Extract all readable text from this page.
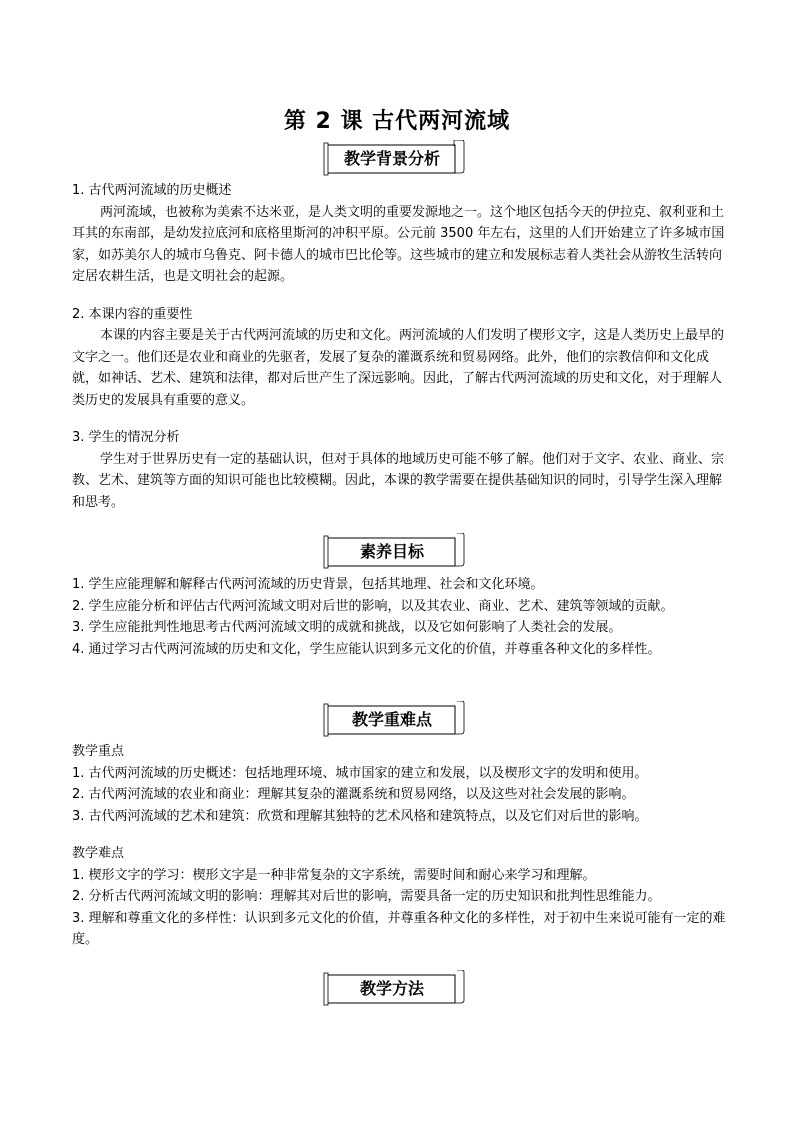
第 2 课 古代两河流域
教学背景分析

1. 古代两河流域的历史概述

两河流域，也被称为美索不达米亚，是人类文明的重要发源地之一。这个地区包括今天的伊拉克、叙利亚和土耳其的东南部，是幼发拉底河和底格里斯河的冲积平原。公元前 3500 年左右，这里的人们开始建立了许多城市国家，如苏美尔人的城市乌鲁克、阿卡德人的城市巴比伦等。这些城市的建立和发展标志着人类社会从游牧生活转向定居农耕生活，也是文明社会的起源。

2. 本课内容的重要性

本课的内容主要是关于古代两河流域的历史和文化。两河流域的人们发明了楔形文字，这是人类历史上最早的文字之一。他们还是农业和商业的先驱者，发展了复杂的灌溉系统和贸易网络。此外，他们的宗教信仰和文化成就，如神话、艺术、建筑和法律，都对后世产生了深远影响。因此，了解古代两河流域的历史和文化，对于理解人类历史的发展具有重要的意义。

3. 学生的情况分析

学生对于世界历史有一定的基础认识，但对于具体的地域历史可能不够了解。他们对于文字、农业、商业、宗教、艺术、建筑等方面的知识可能也比较模糊。因此，本课的教学需要在提供基础知识的同时，引导学生深入理解和思考。

素养目标

1. 学生应能理解和解释古代两河流域的历史背景，包括其地理、社会和文化环境。

2. 学生应能分析和评估古代两河流域文明对后世的影响，以及其农业、商业、艺术、建筑等领域的贡献。

3. 学生应能批判性地思考古代两河流域文明的成就和挑战，以及它如何影响了人类社会的发展。

4. 通过学习古代两河流域的历史和文化，学生应能认识到多元文化的价值，并尊重各种文化的多样性。

教学重难点

教学重点

1. 古代两河流域的历史概述：包括地理环境、城市国家的建立和发展，以及楔形文字的发明和使用。

2. 古代两河流域的农业和商业：理解其复杂的灌溉系统和贸易网络，以及这些对社会发展的影响。

3. 古代两河流域的艺术和建筑：欣赏和理解其独特的艺术风格和建筑特点，以及它们对后世的影响。

教学难点

1. 楔形文字的学习：楔形文字是一种非常复杂的文字系统，需要时间和耐心来学习和理解。

2. 分析古代两河流域文明的影响：理解其对后世的影响，需要具备一定的历史知识和批判性思维能力。

3. 理解和尊重文化的多样性：认识到多元文化的价值，并尊重各种文化的多样性，对于初中生来说可能有一定的难度。

教学方法
